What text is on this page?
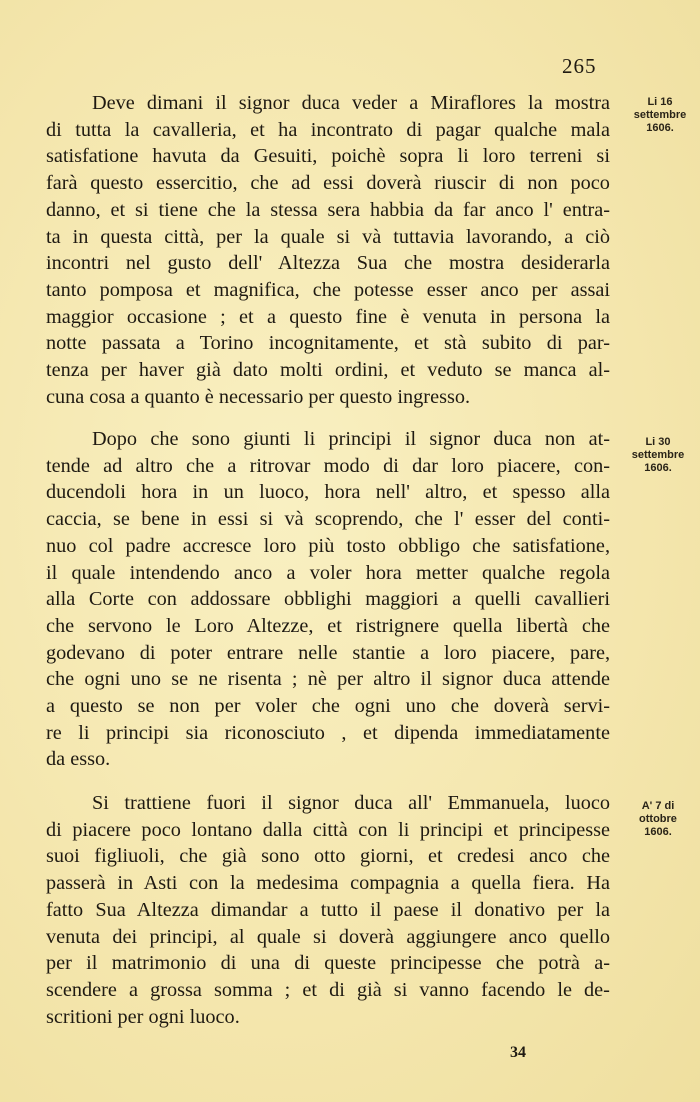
265

Deve dimani il signor duca veder a Miraflores la mostra
di tutta la cavalleria, et ha incontrato di pagar qualche mala
satisfatione havuta da Gesuiti, poichè sopra li loro terreni si
farà questo essercitio, che ad essi doverà riuscir di non poco
danno, et si tiene che la stessa sera habbia da far anco l' entra-
ta in questa città, per la quale si và tuttavia lavorando, a ciò
incontri nel gusto dell' Altezza Sua che mostra desiderarla
tanto pomposa et magnifica, che potesse esser anco per assai
maggior occasione ; et a questo fine è venuta in persona la
notte passata a Torino incognitamente, et stà subito di par-
tenza per haver già dato molti ordini, et veduto se manca al-
cuna cosa a quanto è necessario per questo ingresso.

Li 16
settembre
1606.

Dopo che sono giunti li principi il signor duca non at-
tende ad altro che a ritrovar modo di dar loro piacere, con-
ducendoli hora in un luoco, hora nell' altro, et spesso alla
caccia, se bene in essi si và scoprendo, che l' esser del conti-
nuo col padre accresce loro più tosto obbligo che satisfatione,
il quale intendendo anco a voler hora metter qualche regola
alla Corte con addossare obblighi maggiori a quelli cavallieri
che servono le Loro Altezze, et ristrignere quella libertà che
godevano di poter entrare nelle stantie a loro piacere, pare,
che ogni uno se ne risenta ; nè per altro il signor duca attende
a questo se non per voler che ogni uno che doverà servi-
re li principi sia riconosciuto , et dipenda immediatamente
da esso.

Li 30
settembre
1606.

Si trattiene fuori il signor duca all' Emmanuela, luoco
di piacere poco lontano dalla città con li principi et principesse
suoi figliuoli, che già sono otto giorni, et credesi anco che
passerà in Asti con la medesima compagnia a quella fiera. Ha
fatto Sua Altezza dimandar a tutto il paese il donativo per la
venuta dei principi, al quale si doverà aggiungere anco quello
per il matrimonio di una di queste principesse che potrà a-
scendere a grossa somma ; et di già si vanno facendo le de-
scritioni per ogni luoco.

A' 7 di
ottobre
1606.
34
